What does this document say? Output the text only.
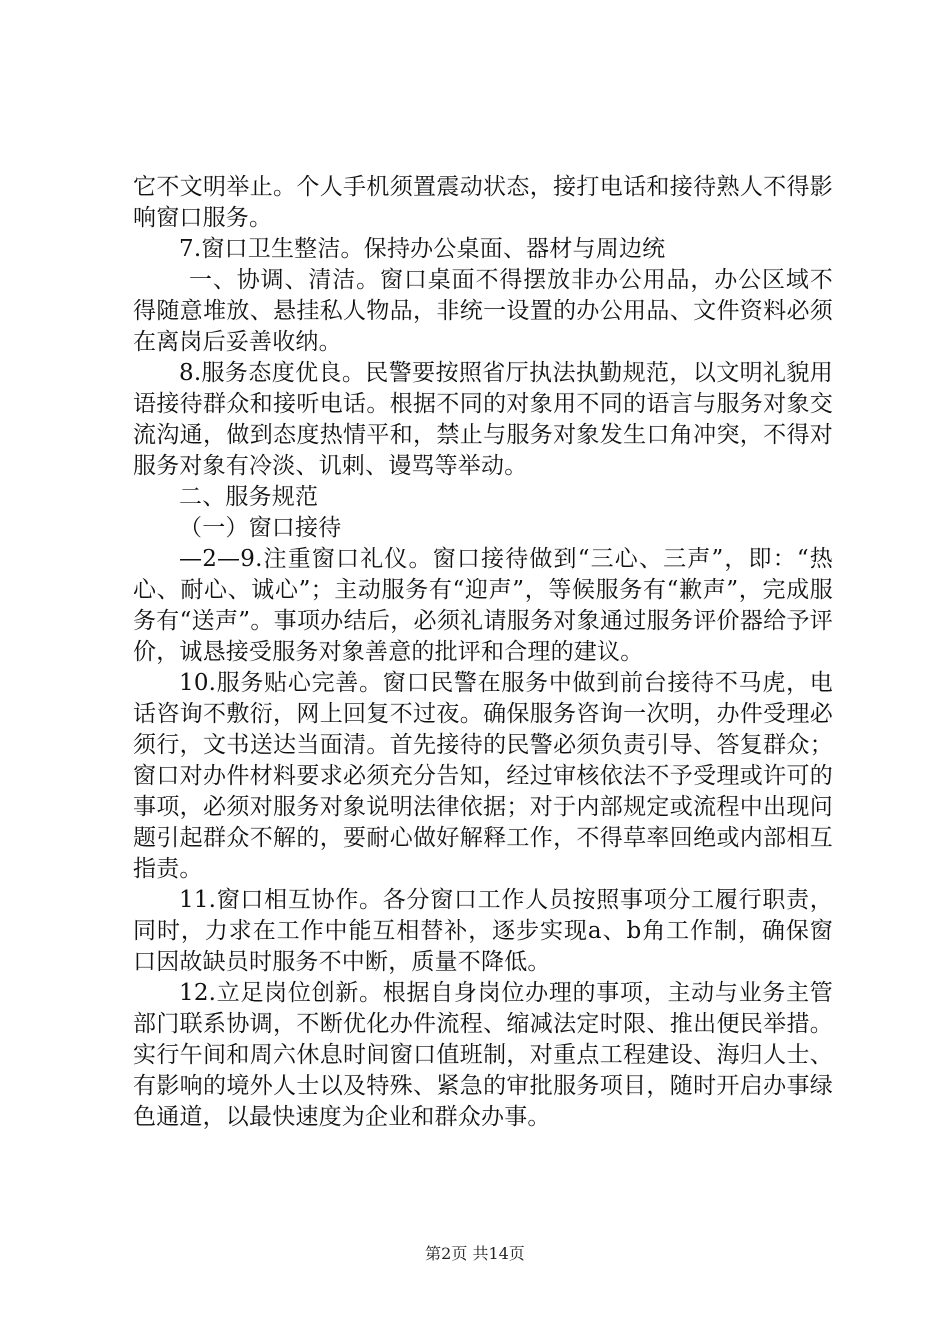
它不文明举止。个人手机须置震动状态，接打电话和接待熟人不得影响窗口服务。

7.窗口卫生整洁。保持办公桌面、器材与周边统

一、协调、清洁。窗口桌面不得摆放非办公用品，办公区域不得随意堆放、悬挂私人物品，非统一设置的办公用品、文件资料必须在离岗后妥善收纳。

8.服务态度优良。民警要按照省厅执法执勤规范，以文明礼貌用语接待群众和接听电话。根据不同的对象用不同的语言与服务对象交流沟通，做到态度热情平和，禁止与服务对象发生口角冲突，不得对服务对象有冷淡、讥刺、谩骂等举动。

二、服务规范

（一）窗口接待

—2—9.注重窗口礼仪。窗口接待做到“三心、三声”，即：“热心、耐心、诚心”；主动服务有“迎声”，等候服务有“歉声”，完成服务有“送声”。事项办结后，必须礼请服务对象通过服务评价器给予评价，诚恳接受服务对象善意的批评和合理的建议。

10.服务贴心完善。窗口民警在服务中做到前台接待不马虎，电话咨询不敷衍，网上回复不过夜。确保服务咨询一次明，办件受理必须行，文书送达当面清。首先接待的民警必须负责引导、答复群众；窗口对办件材料要求必须充分告知，经过审核依法不予受理或许可的事项，必须对服务对象说明法律依据；对于内部规定或流程中出现问题引起群众不解的，要耐心做好解释工作，不得草率回绝或内部相互指责。

11.窗口相互协作。各分窗口工作人员按照事项分工履行职责，同时，力求在工作中能互相替补，逐步实现a、b角工作制，确保窗口因故缺员时服务不中断，质量不降低。

12.立足岗位创新。根据自身岗位办理的事项，主动与业务主管部门联系协调，不断优化办件流程、缩减法定时限、推出便民举措。实行午间和周六休息时间窗口值班制，对重点工程建设、海归人士、有影响的境外人士以及特殊、紧急的审批服务项目，随时开启办事绿色通道，以最快速度为企业和群众办事。

第2页 共14页
